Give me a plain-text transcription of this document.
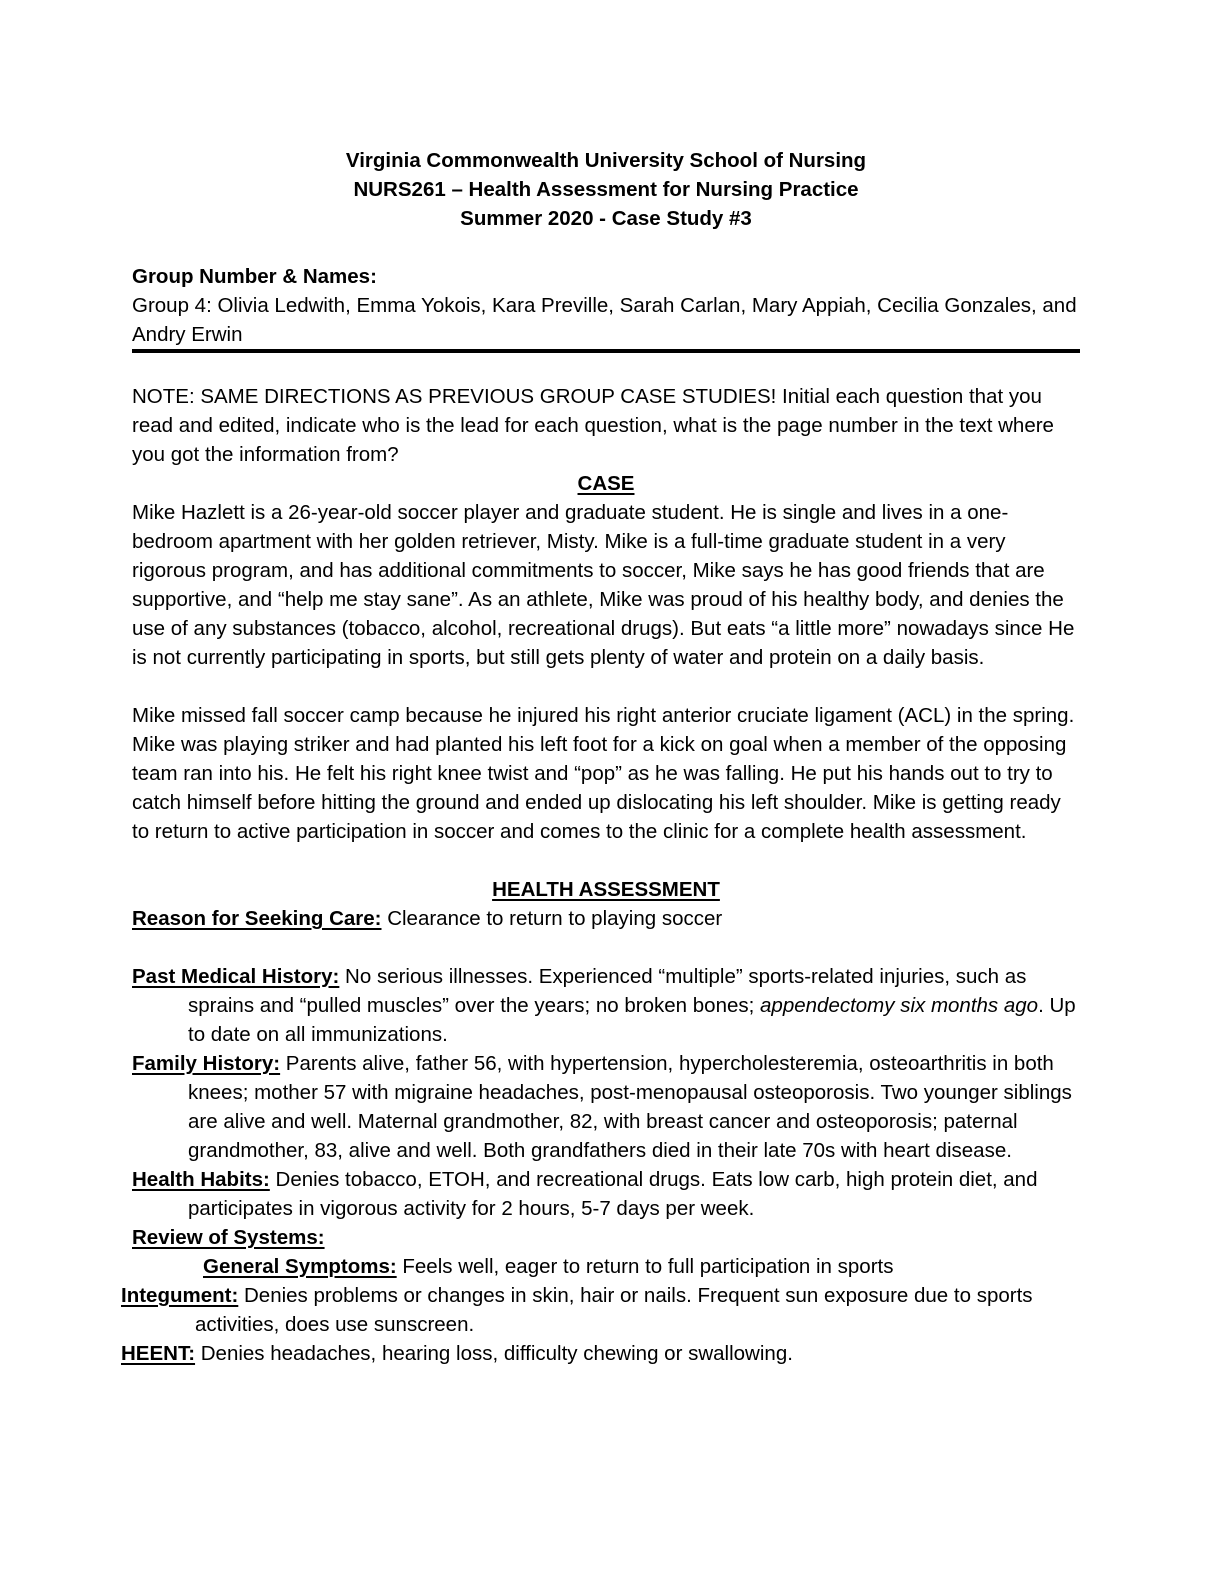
Virginia Commonwealth University School of Nursing
NURS261 – Health Assessment for Nursing Practice
Summer 2020 - Case Study #3
Group Number & Names:
Group 4: Olivia Ledwith, Emma Yokois, Kara Preville, Sarah Carlan, Mary Appiah, Cecilia Gonzales, and Andry Erwin
NOTE: SAME DIRECTIONS AS PREVIOUS GROUP CASE STUDIES! Initial each question that you read and edited, indicate who is the lead for each question, what is the page number in the text where you got the information from?
CASE
Mike Hazlett is a 26-year-old soccer player and graduate student. He is single and lives in a one-bedroom apartment with her golden retriever, Misty. Mike is a full-time graduate student in a very rigorous program, and has additional commitments to soccer, Mike says he has good friends that are supportive, and “help me stay sane”. As an athlete, Mike was proud of his healthy body, and denies the use of any substances (tobacco, alcohol, recreational drugs). But eats “a little more” nowadays since He is not currently participating in sports, but still gets plenty of water and protein on a daily basis.
Mike missed fall soccer camp because he injured his right anterior cruciate ligament (ACL) in the spring. Mike was playing striker and had planted his left foot for a kick on goal when a member of the opposing team ran into his. He felt his right knee twist and “pop” as he was falling. He put his hands out to try to catch himself before hitting the ground and ended up dislocating his left shoulder. Mike is getting ready to return to active participation in soccer and comes to the clinic for a complete health assessment.
HEALTH ASSESSMENT
Reason for Seeking Care: Clearance to return to playing soccer
Past Medical History: No serious illnesses. Experienced “multiple” sports-related injuries, such as sprains and “pulled muscles” over the years; no broken bones; appendectomy six months ago. Up to date on all immunizations.
Family History: Parents alive, father 56, with hypertension, hypercholesteremia, osteoarthritis in both knees; mother 57 with migraine headaches, post-menopausal osteoporosis. Two younger siblings are alive and well. Maternal grandmother, 82, with breast cancer and osteoporosis; paternal grandmother, 83, alive and well. Both grandfathers died in their late 70s with heart disease.
Health Habits: Denies tobacco, ETOH, and recreational drugs. Eats low carb, high protein diet, and participates in vigorous activity for 2 hours, 5-7 days per week.
Review of Systems:
General Symptoms: Feels well, eager to return to full participation in sports
Integument: Denies problems or changes in skin, hair or nails. Frequent sun exposure due to sports activities, does use sunscreen.
HEENT: Denies headaches, hearing loss, difficulty chewing or swallowing.
